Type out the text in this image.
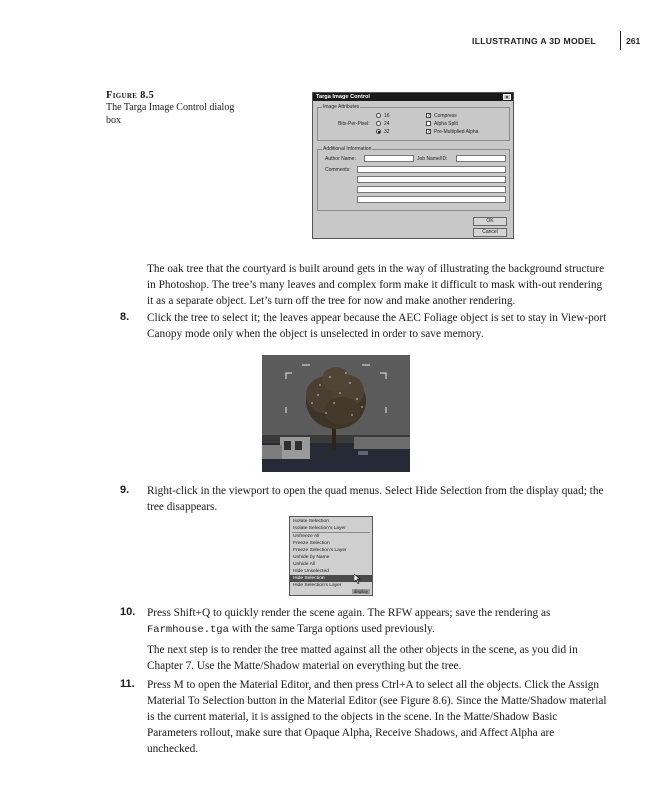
ILLUSTRATING A 3D MODEL	261
Figure 8.5
The Targa Image Control dialog box
Targa Image Control	×
Image Attributes
Bits-Per-Pixel:
16
24
32
✓ Compress
Alpha Split
✓ Pre-Multiplied Alpha
Additional Information
Author Name:	Job Name/ID:
Comments:
OK
Cancel
The oak tree that the courtyard is built around gets in the way of illustrating the background structure in Photoshop. The tree’s many leaves and complex form make it difficult to mask with-out rendering it as a separate object. Let’s turn off the tree for now and make another rendering.
8. Click the tree to select it; the leaves appear because the AEC Foliage object is set to stay in View-port Canopy mode only when the object is unselected in order to save memory.
9. Right-click in the viewport to open the quad menus. Select Hide Selection from the display quad; the tree disappears.
Isolate Selection
Isolate Selection's Layer
Unfreeze All
Freeze Selection
Freeze Selection's Layer
Unhide by Name
Unhide All
Hide Unselected
Hide Selection
Hide Selection's Layer
display
10. Press Shift+Q to quickly render the scene again. The RFW appears; save the rendering as Farmhouse.tga with the same Targa options used previously.
The next step is to render the tree matted against all the other objects in the scene, as you did in Chapter 7. Use the Matte/Shadow material on everything but the tree.
11. Press M to open the Material Editor, and then press Ctrl+A to select all the objects. Click the Assign Material To Selection button in the Material Editor (see Figure 8.6). Since the Matte/Shadow material is the current material, it is assigned to the objects in the scene. In the Matte/Shadow Basic Parameters rollout, make sure that Opaque Alpha, Receive Shadows, and Affect Alpha are unchecked.
